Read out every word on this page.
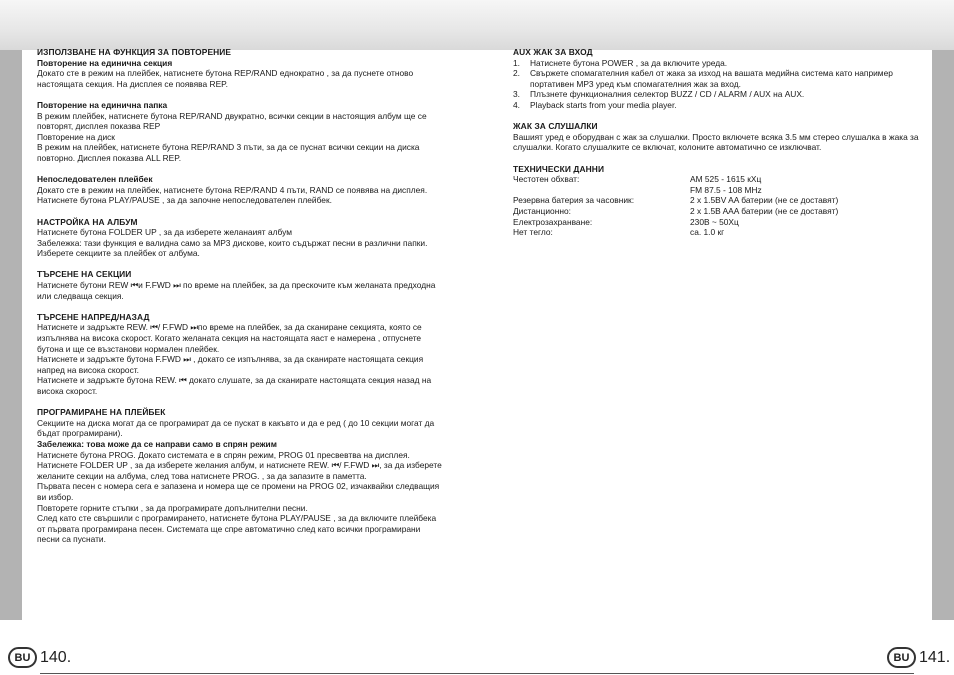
ИЗПОЛЗВАНЕ НА ФУНКЦИЯ ЗА ПОВТОРЕНИЕ
Повторение на единична секция
Докато сте в режим на плейбек, натиснете бутона REP/RAND еднократно , за да пуснете отново настоящата секция. На дисплея се появява REP.
Повторение на единична папка
В режим плейбек, натиснете бутона REP/RAND двукратно, всички секции в настоящия албум ще се повторят, дисплея показва REP
Повторение на диск
В режим на плейбек, натиснете бутона REP/RAND 3 пъти, за да се пуснат всички секции на диска повторно. Дисплея показва ALL REP.
Непоследователен плейбек
Докато сте в режим на плейбек, натиснете бутона REP/RAND 4 пъти, RAND се появява на дисплея.
Натиснете бутона PLAY/PAUSE , за да започне непоследователен плейбек.
НАСТРОЙКА НА АЛБУМ
Натиснете бутона FOLDER UP , за да изберете желанаият албум
Забележка: тази функция е валидна само за MP3 дискове, които съдържат песни в различни папки. Изберете секциите за плейбек от албума.
ТЪРСЕНЕ НА СЕКЦИИ
Натиснете бутони REW ⏮и F.FWD ⏭ по време на плейбек, за да прескочите към желаната предходна или следваща секция.
ТЪРСЕНЕ НАПРЕД/НАЗАД
Натиснете и задръжте REW. ⏮/ F.FWD ⏭по време на плейбек, за да сканиране секцията, която се изпълнява на висока скорост. Когато желаната секция на настоящата яаст е намерена , отпуснете бутона и ще се възстанови нормален плейбек.
Натиснете и задръжте бутона F.FWD ⏭ , докато се изпълнява, за да сканирате настоящата секция напред на висока скорост.
Натиснете и задръжте бутона REW. ⏮ докато слушате, за да сканирате настоящата секция назад на висока скорост.
ПРОГРАМИРАНЕ НА ПЛЕЙБЕК
Секциите на диска могат да се програмират да се пускат в какъвто и да е ред ( до 10 секции могат да бъдат програмирани).
Забележка: това може да се направи само в спрян режим
Натиснете бутона PROG. Докато системата е в спрян режим, PROG 01 пресвевтва на дисплея.
Натиснете FOLDER UP , за да изберете желания албум, и натиснете REW. ⏮/ F.FWD ⏭, за да изберете желаните секции на албума, след това натиснете PROG. , за да запазите в паметта.
Първата песен с номера сега е запазена и номера ще се промени на PROG 02, изчаквайки следващия ви избор.
Повторете горните стъпки , за да програмирате допълнителни песни.
След като сте свършили с програмирането, натиснете бутона PLAY/PAUSE , за да включите плейбека от първата програмирана песен. Системата ще спре автоматично след като всички програмирани песни са пуснати.
AUX ЖАК ЗА ВХОД
1.	Натиснете бутона POWER , за да включите уреда.
2.	Свържете спомагателния кабел от жака за изход на вашата медийна система като например портативен MP3 уред към спомагателния жак за вход.
3.	Плъзнете функционалния селектор BUZZ / CD / ALARM / AUX на AUX.
4.	Playback starts from your media player.
ЖАК ЗА СЛУШАЛКИ
Вашият уред е оборудван с жак за слушалки. Просто включете всяка 3.5 мм стерео слушалка в жака за слушалки. Когато слушалките се включат, колоните автоматично се изключват.
ТЕХНИЧЕСКИ ДАННИ
Честотен обхват:	AM 525 - 1615 кХц
FM 87.5 - 108 MHz
Резервна батерия за часовник:	2 x 1.5BV AA батерии (не се доставят)
Дистанционно:	2 x 1.5B AAA батерии (не се доставят)
Електрозахранване:	230B ~ 50Хц
Нет тегло:	ca. 1.0 кг
BU 140.	BU 141.
